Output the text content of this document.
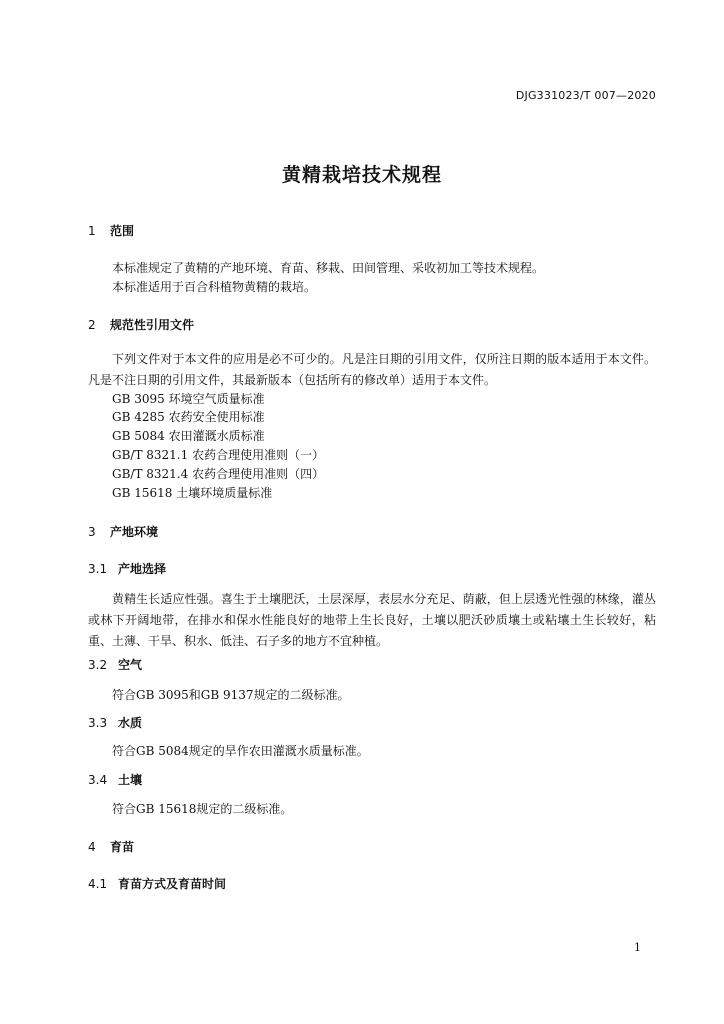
DJG331023/T 007—2020
黄精栽培技术规程
1 范围
本标准规定了黄精的产地环境、育苗、移栽、田间管理、采收初加工等技术规程。
本标准适用于百合科植物黄精的栽培。
2 规范性引用文件
下列文件对于本文件的应用是必不可少的。凡是注日期的引用文件，仅所注日期的版本适用于本文件。凡是不注日期的引用文件，其最新版本（包括所有的修改单）适用于本文件。
GB 3095 环境空气质量标准
GB 4285 农药安全使用标准
GB 5084 农田灌溉水质标准
GB/T 8321.1 农药合理使用准则（一）
GB/T 8321.4 农药合理使用准则（四）
GB 15618 土壤环境质量标准
3 产地环境
3.1 产地选择
黄精生长适应性强。喜生于土壤肥沃，土层深厚，表层水分充足、荫蔽，但上层透光性强的林缘，灌丛或林下开阔地带，在排水和保水性能良好的地带上生长良好，土壤以肥沃砂质壤土或粘壤土生长较好，粘重、土薄、干旱、积水、低洼、石子多的地方不宜种植。
3.2 空气
符合GB 3095和GB 9137规定的二级标准。
3.3 水质
符合GB 5084规定的旱作农田灌溉水质量标准。
3.4 土壤
符合GB 15618规定的二级标准。
4 育苗
4.1 育苗方式及育苗时间
1
